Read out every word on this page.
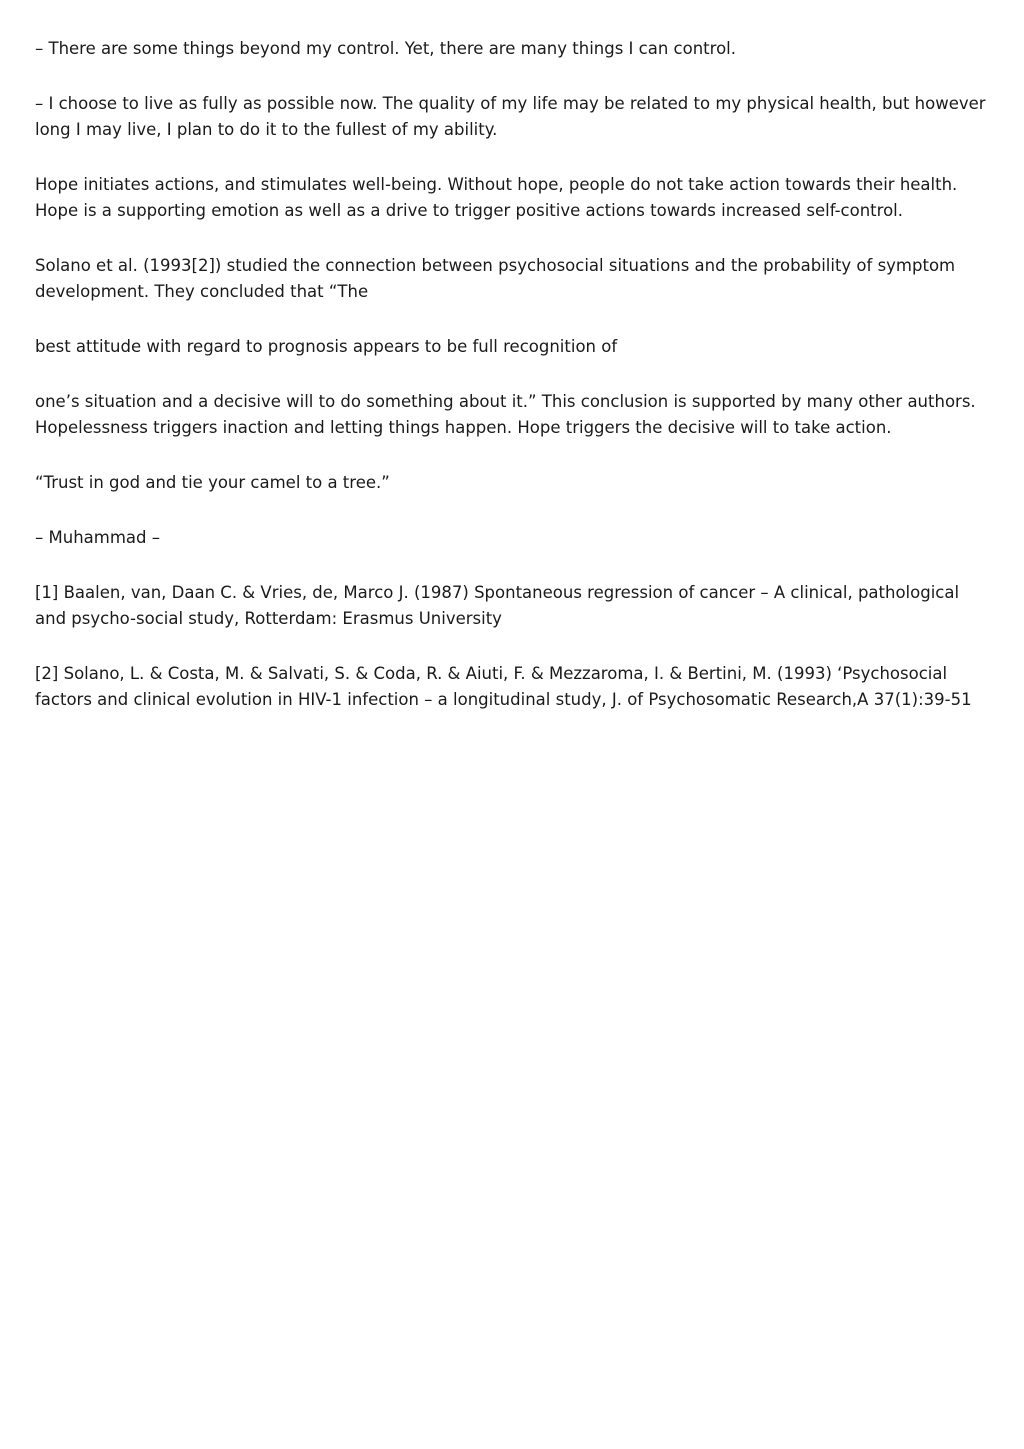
– There are some things beyond my control. Yet, there are many things I can control.

– I choose to live as fully as possible now. The quality of my life may be related to my physical health, but however long I may live, I plan to do it to the fullest of my ability.

Hope initiates actions, and stimulates well-being. Without hope, people do not take action towards their health. Hope is a supporting emotion as well as a drive to trigger positive actions towards increased self-control.

Solano et al. (1993[2]) studied the connection between psychosocial situations and the probability of symptom development. They concluded that “The

best attitude with regard to prognosis appears to be full recognition of

one’s situation and a decisive will to do something about it.” This conclusion is supported by many other authors. Hopelessness triggers inaction and letting things happen. Hope triggers the decisive will to take action.

“Trust in god and tie your camel to a tree.”

– Muhammad –

[1] Baalen, van, Daan C. & Vries, de, Marco J. (1987) Spontaneous regression of cancer – A clinical, pathological and psycho-social study, Rotterdam: Erasmus University

[2] Solano, L. & Costa, M. & Salvati, S. & Coda, R. & Aiuti, F. & Mezzaroma, I. & Bertini, M. (1993) ‘Psychosocial factors and clinical evolution in HIV-1 infection – a longitudinal study, J. of Psychosomatic Research,A 37(1):39-51
